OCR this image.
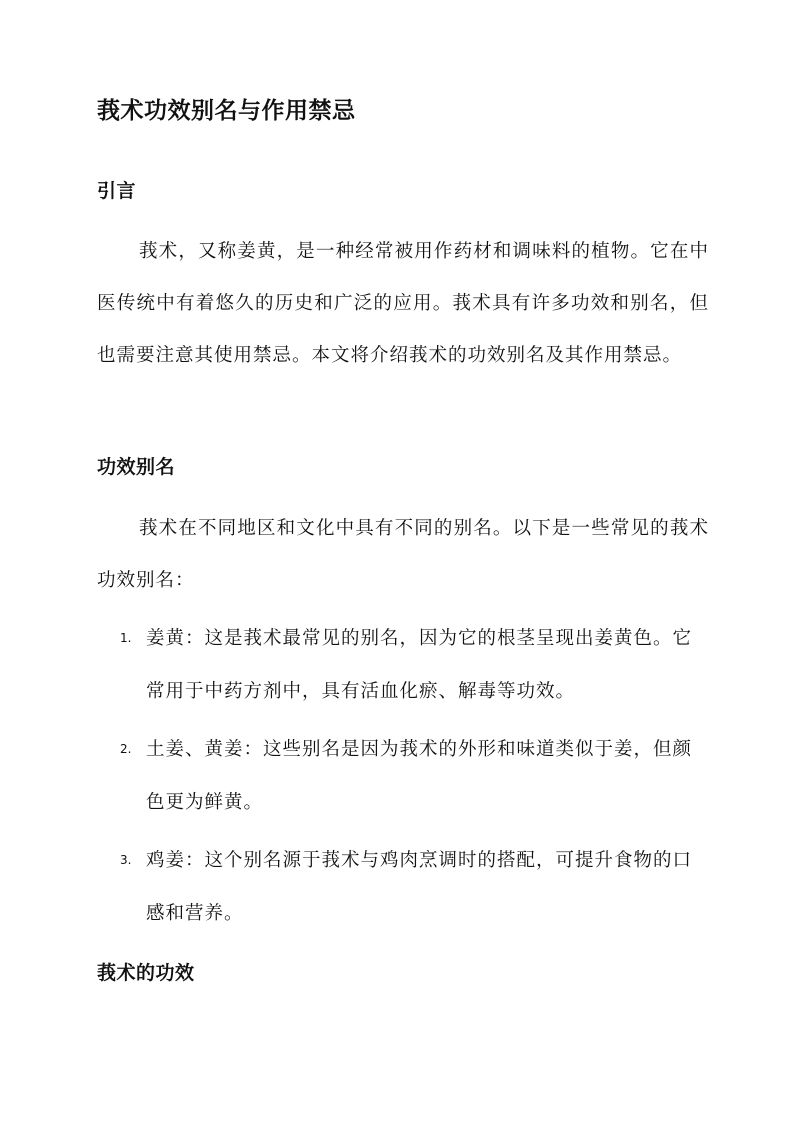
莪术功效别名与作用禁忌
引言

莪术，又称姜黄，是一种经常被用作药材和调味料的植物。它在中医传统中有着悠久的历史和广泛的应用。莪术具有许多功效和别名，但也需要注意其使用禁忌。本文将介绍莪术的功效别名及其作用禁忌。

功效别名

莪术在不同地区和文化中具有不同的别名。以下是一些常见的莪术功效别名：

1. 姜黄：这是莪术最常见的别名，因为它的根茎呈现出姜黄色。它常用于中药方剂中，具有活血化瘀、解毒等功效。
2. 土姜、黄姜：这些别名是因为莪术的外形和味道类似于姜，但颜色更为鲜黄。
3. 鸡姜：这个别名源于莪术与鸡肉烹调时的搭配，可提升食物的口感和营养。
莪术的功效
